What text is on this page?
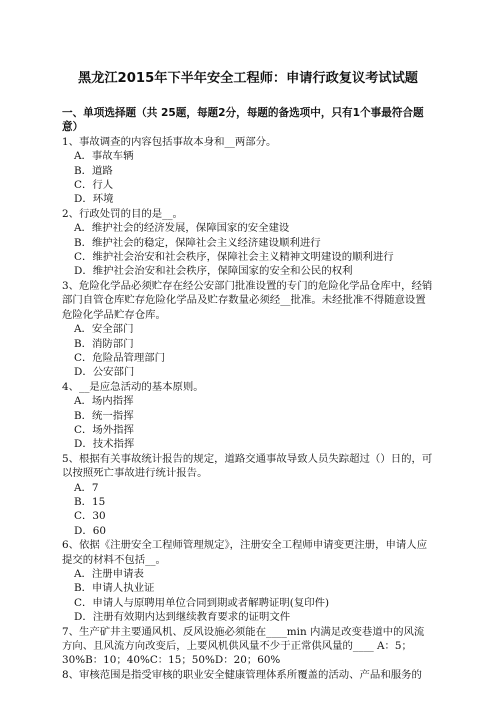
黑龙江2015年下半年安全工程师：申请行政复议考试试题
一、单项选择题（共 25题，每题2分，每题的备选项中，只有1个事最符合题意）

1、事故调查的内容包括事故本身和__两部分。

A．事故车辆

B．道路

C．行人

D．环境

2、行政处罚的目的是__。

A．维护社会的经济发展，保障国家的安全建设

B．维护社会的稳定，保障社会主义经济建设顺利进行

C．维护社会治安和社会秩序，保障社会主义精神文明建设的顺利进行

D．维护社会治安和社会秩序，保障国家的安全和公民的权利

3、危险化学品必须贮存在经公安部门批准设置的专门的危险化学品仓库中，经销部门自管仓库贮存危险化学品及贮存数量必须经__批准。未经批准不得随意设置危险化学品贮存仓库。

A．安全部门

B．消防部门

C．危险品管理部门

D．公安部门

4、__是应急活动的基本原则。

A．场内指挥

B．统一指挥

C．场外指挥

D．技术指挥

5、根据有关事故统计报告的规定，道路交通事故导致人员失踪超过（）日的，可以按照死亡事故进行统计报告。

A．7

B．15

C．30

D．60

6、依据《注册安全工程师管理规定》，注册安全工程师申请变更注册，申请人应提交的材料不包括__。

A．注册申请表

B．申请人执业证

C．申请人与原聘用单位合同到期或者解聘证明(复印件)

D．注册有效期内达到继续教育要求的证明文件

7、生产矿井主要通风机、反风设施必须能在____min 内满足改变巷道中的风流方向、且风流方向改变后，上要风机供风量不少于正常供风量的____ A：5；30%B：10；40%C：15；50%D：20；60%

8、审核范围是指受审核的职业安全健康管理体系所覆盖的活动、产品和服务的
